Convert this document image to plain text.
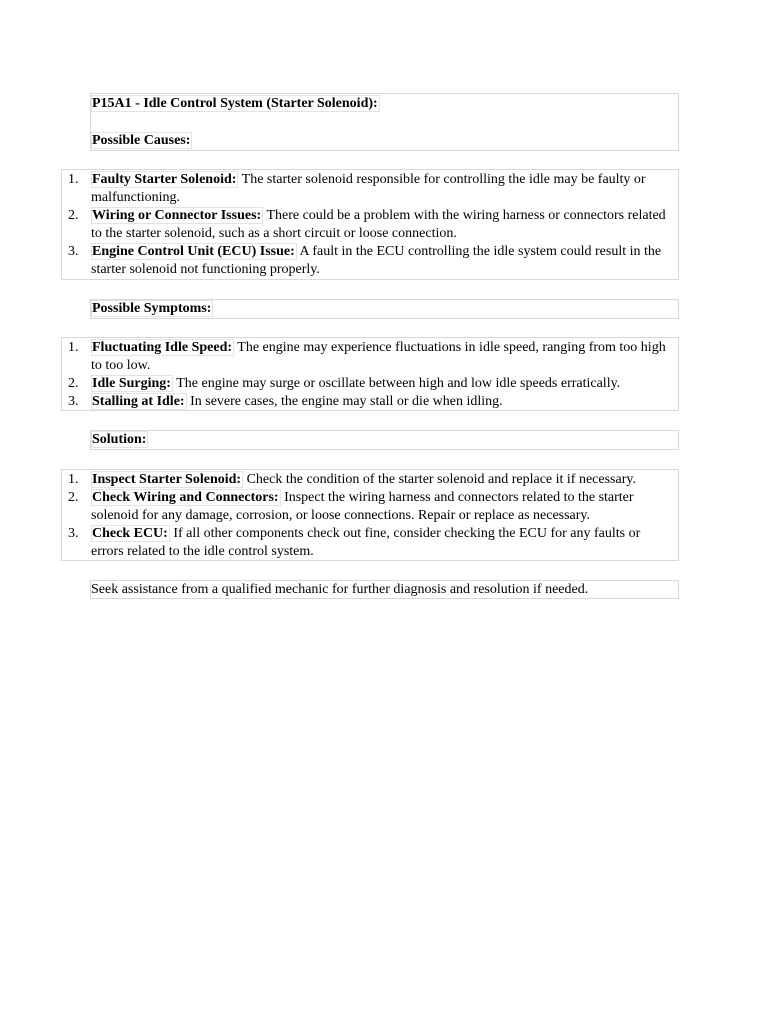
P15A1 - Idle Control System (Starter Solenoid):
Possible Causes:
1. Faulty Starter Solenoid: The starter solenoid responsible for controlling the idle may be faulty or malfunctioning.
2. Wiring or Connector Issues: There could be a problem with the wiring harness or connectors related to the starter solenoid, such as a short circuit or loose connection.
3. Engine Control Unit (ECU) Issue: A fault in the ECU controlling the idle system could result in the starter solenoid not functioning properly.
Possible Symptoms:
1. Fluctuating Idle Speed: The engine may experience fluctuations in idle speed, ranging from too high to too low.
2. Idle Surging: The engine may surge or oscillate between high and low idle speeds erratically.
3. Stalling at Idle: In severe cases, the engine may stall or die when idling.
Solution:
1. Inspect Starter Solenoid: Check the condition of the starter solenoid and replace it if necessary.
2. Check Wiring and Connectors: Inspect the wiring harness and connectors related to the starter solenoid for any damage, corrosion, or loose connections. Repair or replace as necessary.
3. Check ECU: If all other components check out fine, consider checking the ECU for any faults or errors related to the idle control system.
Seek assistance from a qualified mechanic for further diagnosis and resolution if needed.
